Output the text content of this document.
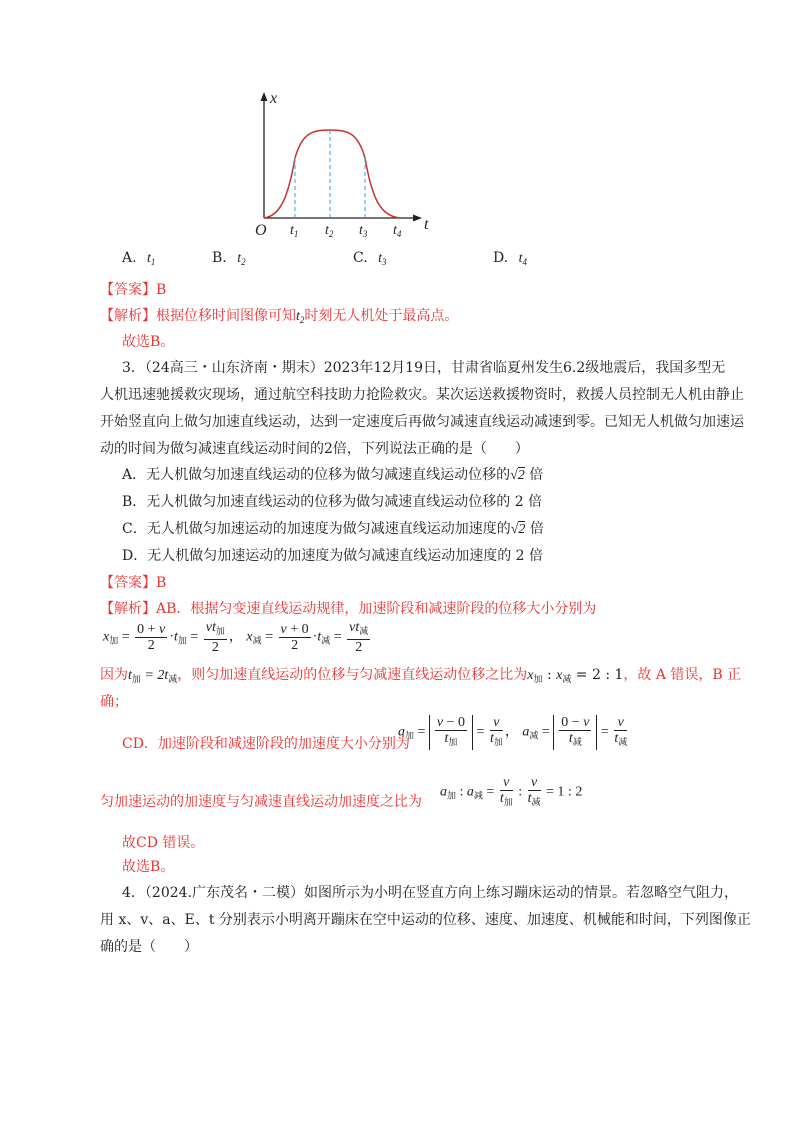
x
t
O $t_1$ $t_2$ $t_3$ $t_4$
A. $t_1$	B. $t_2$	C. $t_3$	D. $t_4$
【答案】B
【解析】根据位移时间图像可知$t_2$时刻无人机处于最高点。
故选B。
3．（24高三・山东济南・期末）2023年12月19日，甘肃省临夏州发生6.2级地震后，我国多型无
人机迅速驰援救灾现场，通过航空科技助力抢险救灾。某次运送救援物资时，救援人员控制无人机由静止
开始竖直向上做匀加速直线运动，达到一定速度后再做匀减速直线运动减速到零。已知无人机做匀加速运
动的时间为做匀减速直线运动时间的2倍，下列说法正确的是（　　）
A．无人机做匀加速直线运动的位移为做匀减速直线运动位移的√2 倍
B．无人机做匀加速直线运动的位移为做匀减速直线运动位移的 2 倍
C．无人机做匀加速运动的加速度为做匀减速直线运动加速度的√2 倍
D．无人机做匀加速运动的加速度为做匀减速直线运动加速度的 2 倍
【答案】B
【解析】AB．根据匀变速直线运动规律，加速阶段和减速阶段的位移大小分别为
$x_加 = \frac{0 + v}{2} \cdot t_加 = \frac{vt_加}{2}$ ， $x_减 = \frac{v + 0}{2} \cdot t_减 = \frac{vt_减}{2}$
因为$t_加 = 2t_减$，则匀加速直线运动的位移与匀减速直线运动位移之比为$x_加$ : $x_减 = 2$ : 1，故 A 错误，B 正
确；
CD．加速阶段和减速阶段的加速度大小分别为
$a_加 = \frac{v - 0}{t_加} = \frac{v}{t_加}$ ， $a_减 = \frac{0 - v}{t_减} = \frac{v}{t_减}$
匀加速运动的加速度与匀减速直线运动加速度之比为
$a_加$ : $a_减 = \frac{v}{t_加}$ : $\frac{v}{t_减} = 1$ : 2
故CD 错误。
故选B。
4．（2024.广东茂名・二模）如图所示为小明在竖直方向上练习蹦床运动的情景。若忽略空气阻力，
用 x、v、a、E、t 分别表示小明离开蹦床在空中运动的位移、速度、加速度、机械能和时间，下列图像正
确的是（　　）
